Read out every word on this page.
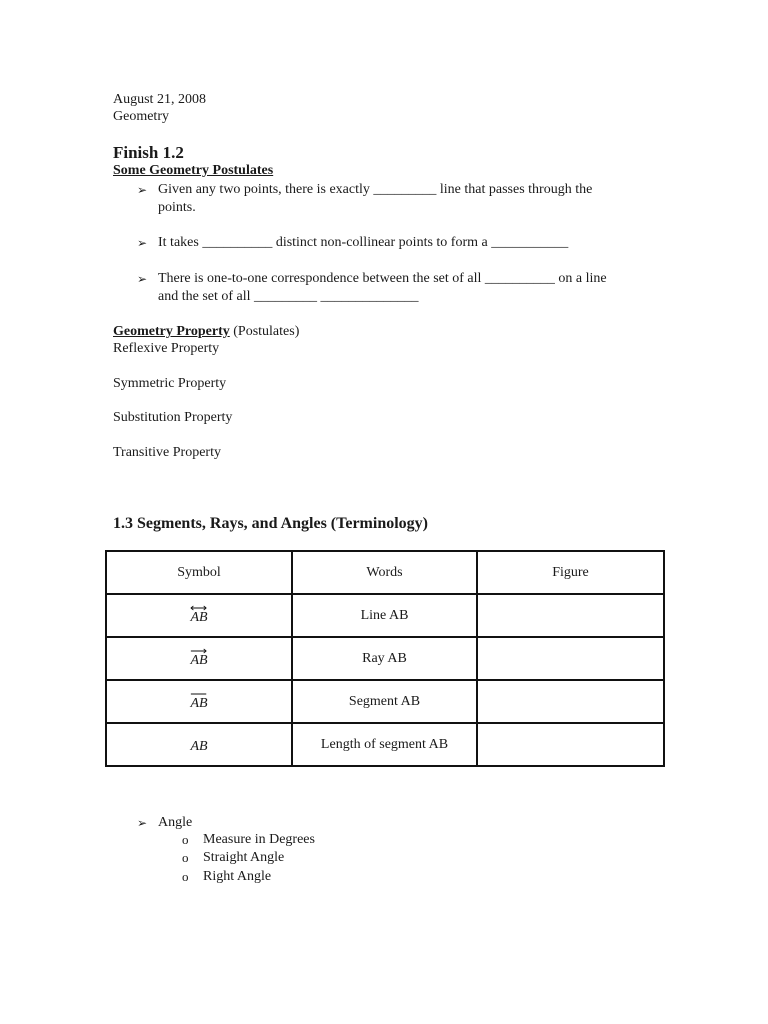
August 21, 2008
Geometry
Finish 1.2
Some Geometry Postulates
➢ Given any two points, there is exactly _________ line that passes through the
points.
➢ It takes __________ distinct non-collinear points to form a ___________
➢ There is one-to-one correspondence between the set of all __________ on a line
and the set of all _________ ______________
Geometry Property (Postulates)
Reflexive Property
Symmetric Property
Substitution Property
Transitive Property
1.3 Segments, Rays, and Angles (Terminology)
Symbol	Words	Figure

AB	Line AB	

AB	Ray AB	

AB	Segment AB	
AB	Length of segment AB	
➢ Angle
o Measure in Degrees
o Straight Angle
o Right Angle
